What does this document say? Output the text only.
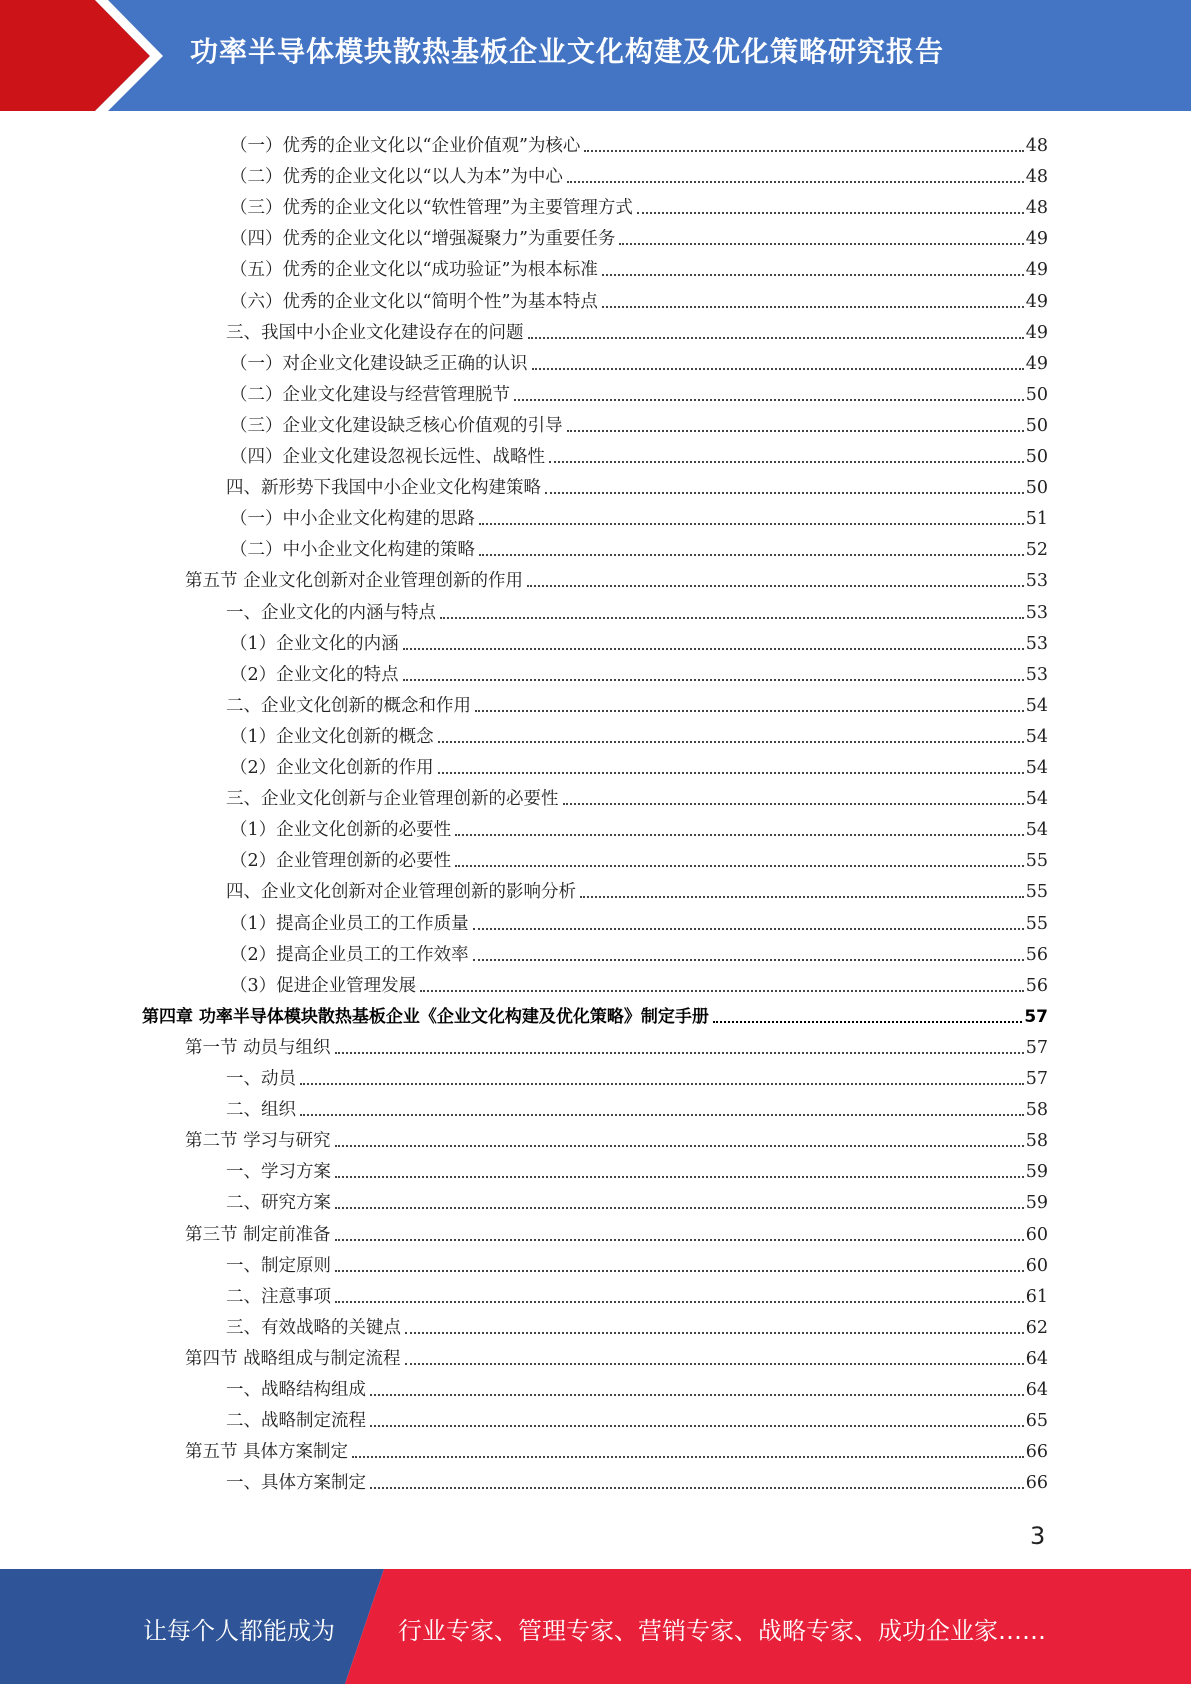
功率半导体模块散热基板企业文化构建及优化策略研究报告
（一）优秀的企业文化以“企业价值观”为核心	48
（二）优秀的企业文化以“以人为本”为中心	48
（三）优秀的企业文化以“软性管理”为主要管理方式	48
（四）优秀的企业文化以“增强凝聚力”为重要任务	49
（五）优秀的企业文化以“成功验证”为根本标准	49
（六）优秀的企业文化以“简明个性”为基本特点	49
三、我国中小企业文化建设存在的问题	49
（一）对企业文化建设缺乏正确的认识	49
（二）企业文化建设与经营管理脱节	50
（三）企业文化建设缺乏核心价值观的引导	50
（四）企业文化建设忽视长远性、战略性	50
四、新形势下我国中小企业文化构建策略	50
（一）中小企业文化构建的思路	51
（二）中小企业文化构建的策略	52
第五节 企业文化创新对企业管理创新的作用	53
一、企业文化的内涵与特点	53
（1）企业文化的内涵	53
（2）企业文化的特点	53
二、企业文化创新的概念和作用	54
（1）企业文化创新的概念	54
（2）企业文化创新的作用	54
三、企业文化创新与企业管理创新的必要性	54
（1）企业文化创新的必要性	54
（2）企业管理创新的必要性	55
四、企业文化创新对企业管理创新的影响分析	55
（1）提高企业员工的工作质量	55
（2）提高企业员工的工作效率	56
（3）促进企业管理发展	56
第四章 功率半导体模块散热基板企业《企业文化构建及优化策略》制定手册	57
第一节 动员与组织	57
一、动员	57
二、组织	58
第二节 学习与研究	58
一、学习方案	59
二、研究方案	59
第三节 制定前准备	60
一、制定原则	60
二、注意事项	61
三、有效战略的关键点	62
第四节 战略组成与制定流程	64
一、战略结构组成	64
二、战略制定流程	65
第五节 具体方案制定	66
一、具体方案制定	66
3
让每个人都能成为	行业专家、管理专家、营销专家、战略专家、成功企业家……
